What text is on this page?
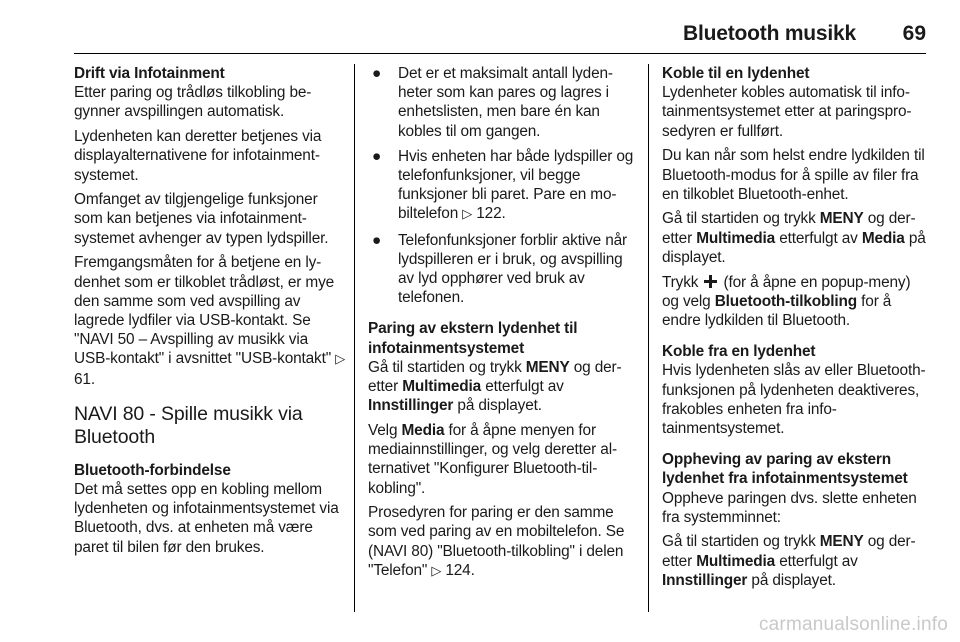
Bluetooth musikk 69

Drift via Infotainment
Etter paring og trådløs tilkobling begynner avspillingen automatisk.

Lydenheten kan deretter betjenes via displayalternativene for infotainmentsystemet.

Omfanget av tilgjengelige funksjoner som kan betjenes via infotainmentsystemet avhenger av typen lydspiller.

Fremgangsmåten for å betjene en lydenhet som er tilkoblet trådløst, er mye den samme som ved avspilling av lagrede lydfiler via USB-kontakt. Se "NAVI 50 – Avspilling av musikk via USB-kontakt" i avsnittet "USB-kontakt" ▷ 61.

NAVI 80 - Spille musikk via Bluetooth

Bluetooth-forbindelse
Det må settes opp en kobling mellom lydenheten og infotainmentsystemet via Bluetooth, dvs. at enheten må være paret til bilen før den brukes.

● Det er et maksimalt antall lydenheter som kan pares og lagres i enhetslisten, men bare én kan kobles til om gangen.
● Hvis enheten har både lydspiller og telefonfunksjoner, vil begge funksjoner bli paret. Pare en mobiltelefon ▷ 122.
● Telefonfunksjoner forblir aktive når lydspilleren er i bruk, og avspilling av lyd opphører ved bruk av telefonen.

Paring av ekstern lydenhet til infotainmentsystemet
Gå til startiden og trykk MENY og deretter Multimedia etterfulgt av Innstillinger på displayet.

Velg Media for å åpne menyen for mediainnstillinger, og velg deretter alternativet "Konfigurer Bluetooth-tilkobling".

Prosedyren for paring er den samme som ved paring av en mobiltelefon. Se (NAVI 80) "Bluetooth-tilkobling" i delen "Telefon" ▷ 124.

Koble til en lydenhet
Lydenheter kobles automatisk til infotainmentsystemet etter at paringsprosedyren er fullført.

Du kan når som helst endre lydkilden til Bluetooth-modus for å spille av filer fra en tilkoblet Bluetooth-enhet.

Gå til startiden og trykk MENY og deretter Multimedia etterfulgt av Media på displayet.

Trykk  (for å åpne en popup-meny) og velg Bluetooth-tilkobling for å endre lydkilden til Bluetooth.

Koble fra en lydenhet
Hvis lydenheten slås av eller Bluetooth-funksjonen på lydenheten deaktiveres, frakobles enheten fra infotainmentsystemet.

Oppheving av paring av ekstern lydenhet fra infotainmentsystemet
Oppheve paringen dvs. slette enheten fra systemminnet:

Gå til startiden og trykk MENY og deretter Multimedia etterfulgt av Innstillinger på displayet.

carmanualsonline.info
